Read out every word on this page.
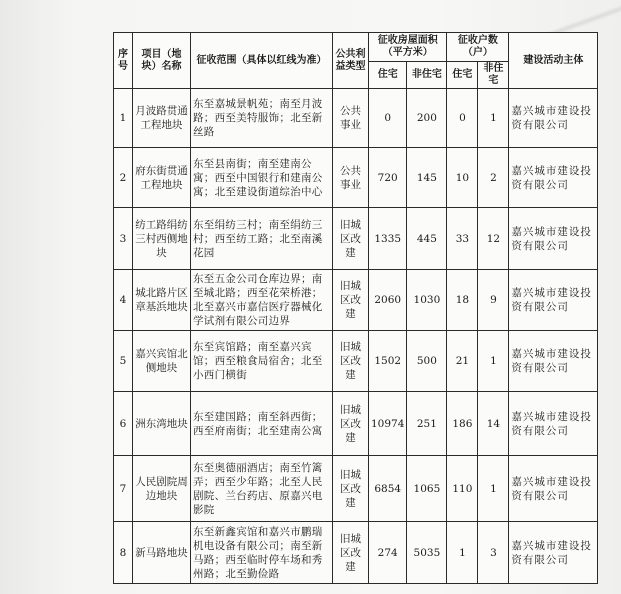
序号	项目（地块）名称	征收范围（具体以红线为准）	公共利益类型	征收房屋面积（平方米）		征收户数（户）		建设活动主体
				住宅	非住宅	住宅	非住宅	
1	月波路贯通工程地块	东至嘉城景帆苑；南至月波路；西至美特服饰；北至新丝路	公共事业	0	200	0	1	嘉兴城市建设投资有限公司
2	府东街贯通工程地块	东至县南街；南至建南公寓；西至中国银行和建南公寓；北至建设街道综治中心	公共事业	720	145	10	2	嘉兴城市建设投资有限公司
3	纺工路绢纺三村西侧地块	东至绢纺三村；南至绢纺三村；西至纺工路；北至南溪花园	旧城区改建	1335	445	33	12	嘉兴城市建设投资有限公司
4	城北路片区章基浜地块	东至五金公司仓库边界；南至城北路；西至花荣桥港；北至嘉兴市嘉信医疗器械化学试剂有限公司边界	旧城区改建	2060	1030	18	9	嘉兴城市建设投资有限公司
5	嘉兴宾馆北侧地块	东至宾馆路；南至嘉兴宾馆；西至粮食局宿舍；北至小西门横街	旧城区改建	1502	500	21	1	嘉兴城市建设投资有限公司
6	洲东湾地块	东至建国路；南至斜西街；西至府南街；北至建南公寓	旧城区改建	10974	251	186	14	嘉兴城市建设投资有限公司
7	人民剧院周边地块	东至奥德丽酒店；南至竹篱弄；西至少年路；北至人民剧院、兰台药店、原嘉兴电影院	旧城区改建	6854	1065	110	1	嘉兴城市建设投资有限公司
8	新马路地块	东至新鑫宾馆和嘉兴市鹏瑞机电设备有限公司；南至新马路；西至临时停车场和秀州路；北至勤俭路	旧城区改建	274	5035	1	3	嘉兴城市建设投资有限公司
